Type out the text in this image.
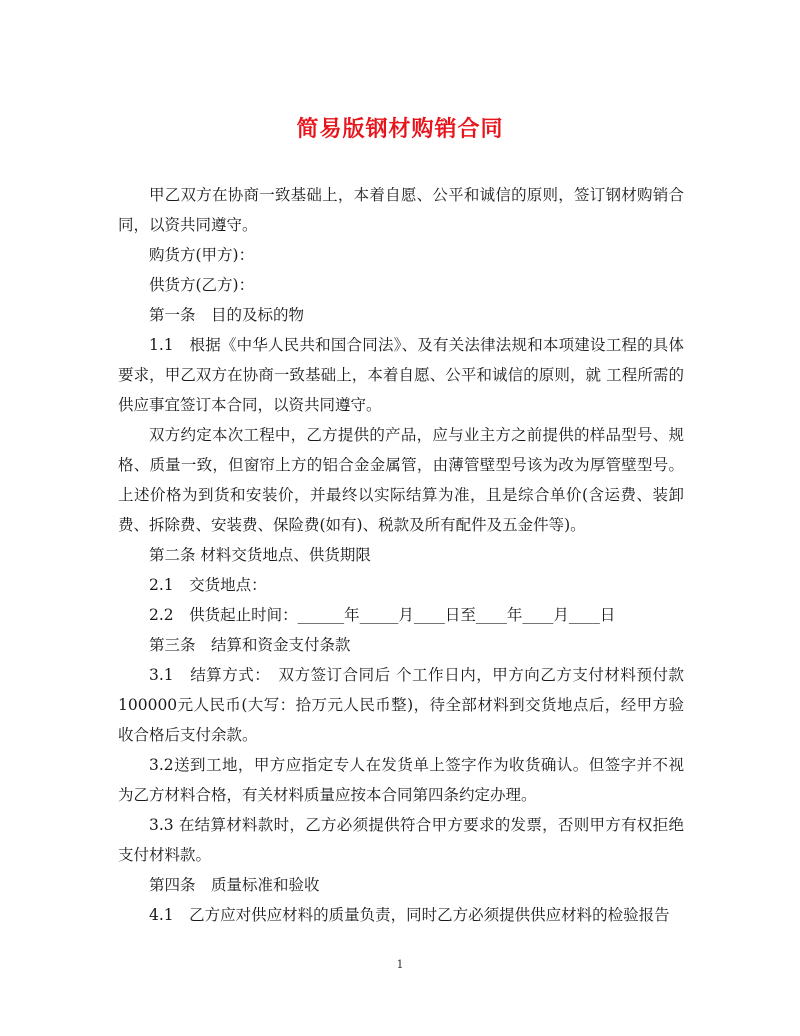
简易版钢材购销合同

甲乙双方在协商一致基础上，本着自愿、公平和诚信的原则，签订钢材购销合同，以资共同遵守。

购货方(甲方)：

供货方(乙方)：

第一条　目的及标的物

1.1　根据《中华人民共和国合同法》、及有关法律法规和本项建设工程的具体要求，甲乙双方在协商一致基础上，本着自愿、公平和诚信的原则，就 工程所需的 供应事宜签订本合同，以资共同遵守。

双方约定本次工程中，乙方提供的产品，应与业主方之前提供的样品型号、规格、质量一致，但窗帘上方的铝合金金属管，由薄管壁型号该为改为厚管壁型号。上述价格为到货和安装价，并最终以实际结算为准，且是综合单价(含运费、装卸费、拆除费、安装费、保险费(如有)、税款及所有配件及五金件等)。

第二条 材料交货地点、供货期限

2.1　交货地点：

2.2　供货起止时间：______年_____月____日至____年____月____日

第三条　结算和资金支付条款

3.1　结算方式：　双方签订合同后 个工作日内，甲方向乙方支付材料预付款100000元人民币(大写：拾万元人民币整)，待全部材料到交货地点后，经甲方验收合格后支付余款。

3.2送到工地，甲方应指定专人在发货单上签字作为收货确认。但签字并不视为乙方材料合格，有关材料质量应按本合同第四条约定办理。

3.3 在结算材料款时，乙方必须提供符合甲方要求的发票，否则甲方有权拒绝支付材料款。

第四条　质量标准和验收

4.1　乙方应对供应材料的质量负责，同时乙方必须提供供应材料的检验报告

1
